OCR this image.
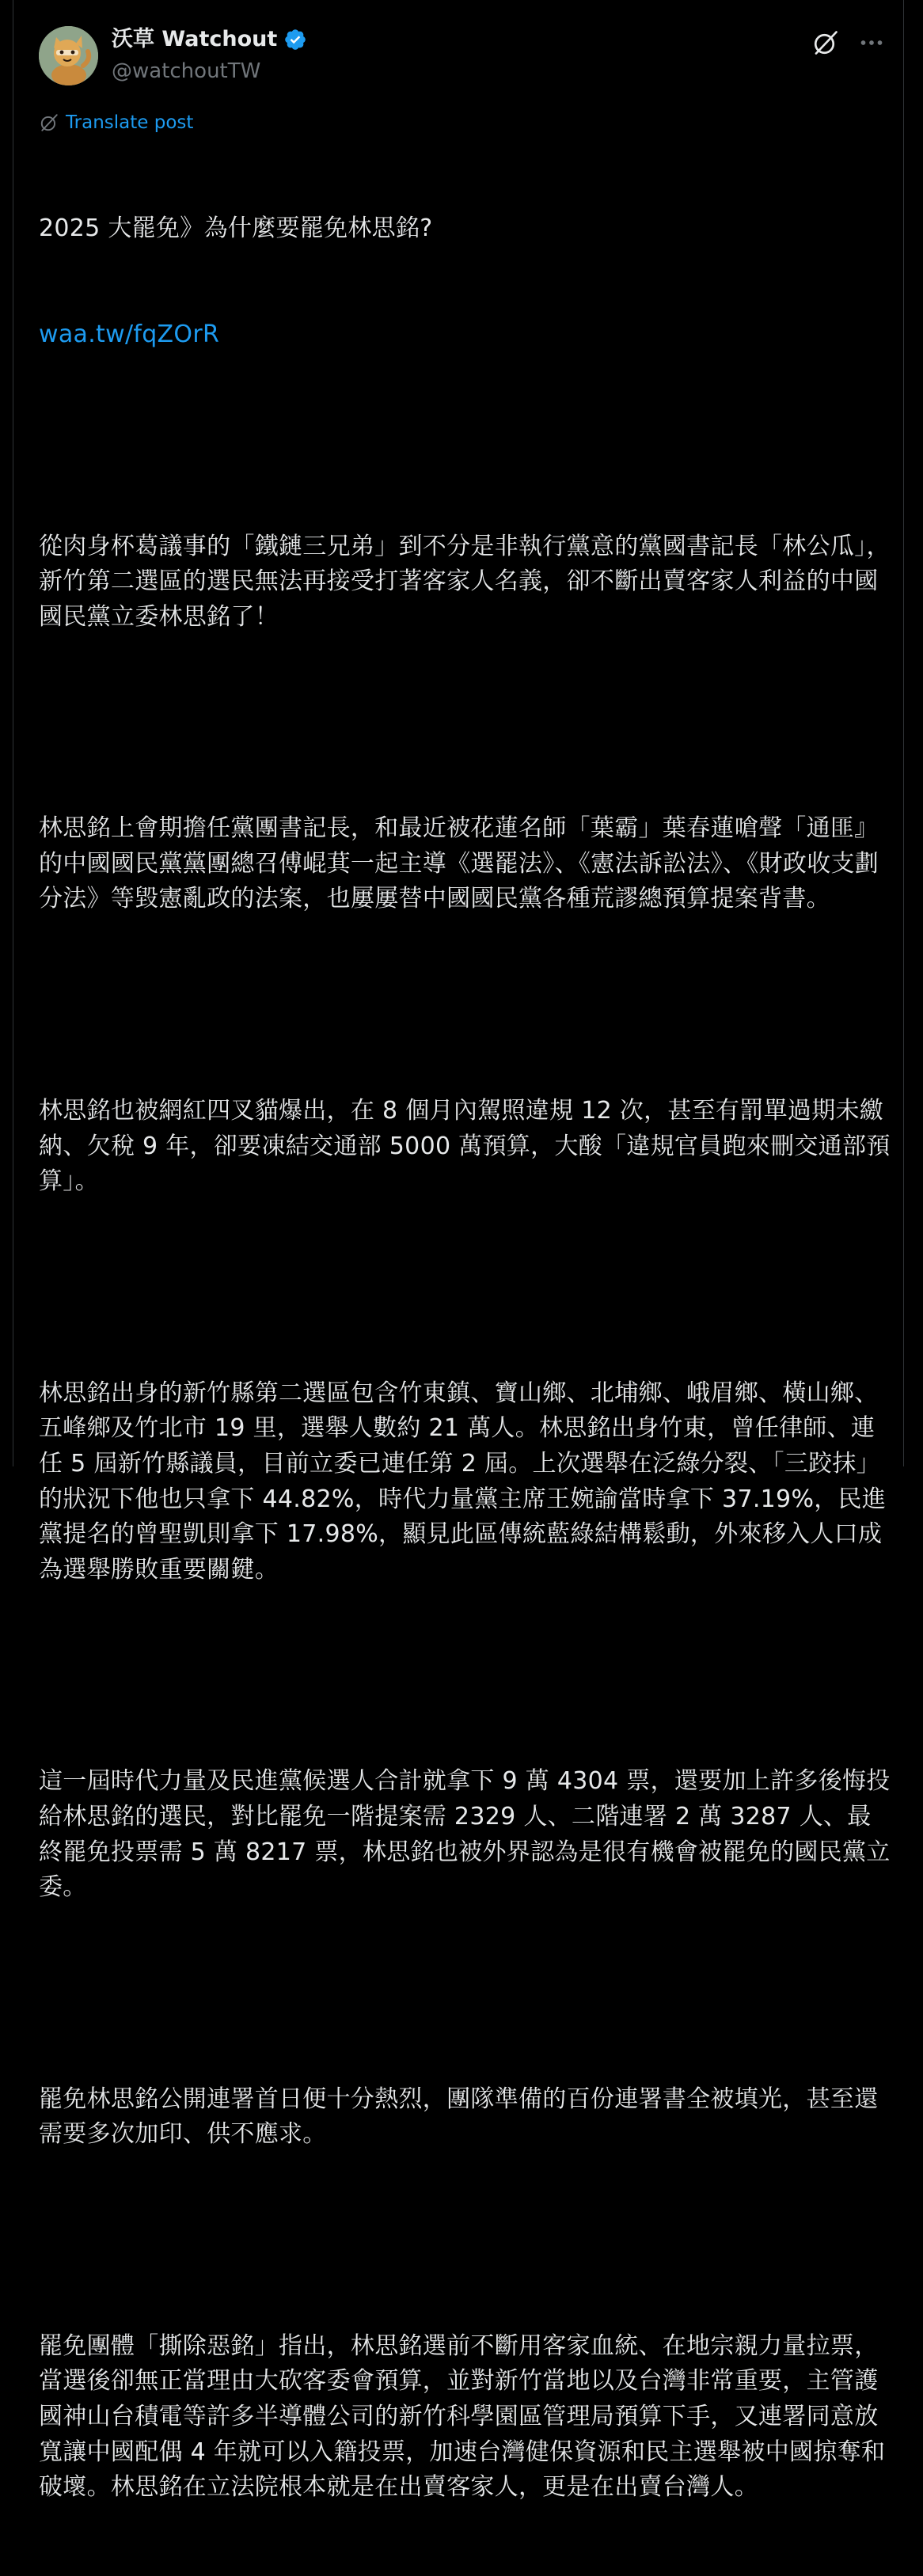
沃草 Watchout
@watchoutTW
Translate post

2025 大罷免》為什麼要罷免林思銘?

waa.tw/fqZOrR

從肉身杯葛議事的「鐵鏈三兄弟」到不分是非執行黨意的黨國書記長「林公瓜」，新竹第二選區的選民無法再接受打著客家人名義，卻不斷出賣客家人利益的中國國民黨立委林思銘了！

林思銘上會期擔任黨團書記長，和最近被花蓮名師「葉霸」葉春蓮嗆聲「通匪』的中國國民黨黨團總召傅崐萁一起主導《選罷法》、《憲法訴訟法》、《財政收支劃分法》等毀憲亂政的法案，也屢屢替中國國民黨各種荒謬總預算提案背書。

林思銘也被網紅四叉貓爆出，在 8 個月內駕照違規 12 次，甚至有罰單過期未繳納、欠稅 9 年，卻要凍結交通部 5000 萬預算，大酸「違規官員跑來刪交通部預算」。

林思銘出身的新竹縣第二選區包含竹東鎮、寶山鄉、北埔鄉、峨眉鄉、橫山鄉、五峰鄉及竹北市 19 里，選舉人數約 21 萬人。林思銘出身竹東，曾任律師、連任 5 屆新竹縣議員，目前立委已連任第 2 屆。上次選舉在泛綠分裂、「三跤抹」的狀況下他也只拿下 44.82%，時代力量黨主席王婉諭當時拿下 37.19%，民進黨提名的曾聖凱則拿下 17.98%，顯見此區傳統藍綠結構鬆動，外來移入人口成為選舉勝敗重要關鍵。

這一屆時代力量及民進黨候選人合計就拿下 9 萬 4304 票，還要加上許多後悔投給林思銘的選民，對比罷免一階提案需 2329 人、二階連署 2 萬 3287 人、最終罷免投票需 5 萬 8217 票，林思銘也被外界認為是很有機會被罷免的國民黨立委。

罷免林思銘公開連署首日便十分熱烈，團隊準備的百份連署書全被填光，甚至還需要多次加印、供不應求。

罷免團體「撕除惡銘」指出，林思銘選前不斷用客家血統、在地宗親力量拉票，當選後卻無正當理由大砍客委會預算，並對新竹當地以及台灣非常重要，主管護國神山台積電等許多半導體公司的新竹科學園區管理局預算下手，又連署同意放寬讓中國配偶 4 年就可以入籍投票，加速台灣健保資源和民主選舉被中國掠奪和破壞。林思銘在立法院根本就是在出賣客家人，更是在出賣台灣人。
